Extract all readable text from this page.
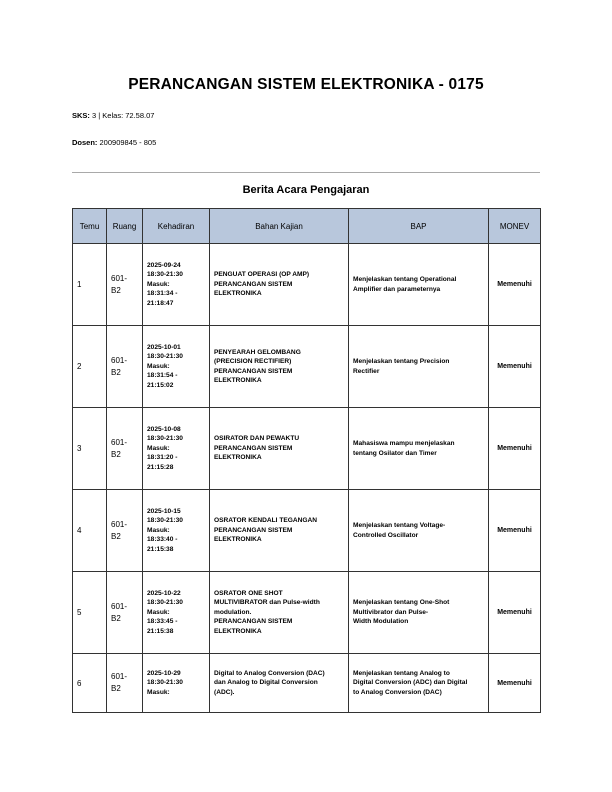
PERANCANGAN SISTEM ELEKTRONIKA - 0175
SKS: 3 | Kelas: 72.58.07
Dosen: 200909845 - 805
Berita Acara Pengajaran
Temu	Ruang	Kehadiran	Bahan Kajian	BAP	MONEV
1	601-
B2	2025-09-24
18:30-21:30
Masuk:
18:31:34 -
21:18:47	PENGUAT OPERASI (OP AMP)
PERANCANGAN SISTEM
ELEKTRONIKA	Menjelaskan tentang Operational
Amplifier dan parameternya	Memenuhi
2	601-
B2	2025-10-01
18:30-21:30
Masuk:
18:31:54 -
21:15:02	PENYEARAH GELOMBANG
(PRECISION RECTIFIER)
PERANCANGAN SISTEM
ELEKTRONIKA	Menjelaskan tentang Precision
Rectifier	Memenuhi
3	601-
B2	2025-10-08
18:30-21:30
Masuk:
18:31:20 -
21:15:28	OSIRATOR DAN PEWAKTU
PERANCANGAN SISTEM
ELEKTRONIKA	Mahasiswa mampu menjelaskan
tentang Osilator dan Timer	Memenuhi
4	601-
B2	2025-10-15
18:30-21:30
Masuk:
18:33:40 -
21:15:38	OSRATOR KENDALI TEGANGAN
PERANCANGAN SISTEM
ELEKTRONIKA	Menjelaskan tentang Voltage-
Controlled Oscillator	Memenuhi
5	601-
B2	2025-10-22
18:30-21:30
Masuk:
18:33:45 -
21:15:38	OSRATOR ONE SHOT
MULTIVIBRATOR dan Pulse-width
modulation.
PERANCANGAN SISTEM
ELEKTRONIKA	Menjelaskan tentang One-Shot
Multivibrator dan Pulse-
Width Modulation	Memenuhi
6	601-
B2	2025-10-29
18:30-21:30
Masuk:	Digital to Analog Conversion (DAC)
dan Analog to Digital Conversion
(ADC).	Menjelaskan tentang Analog to
Digital Conversion (ADC) dan Digital
to Analog Conversion (DAC)	Memenuhi
